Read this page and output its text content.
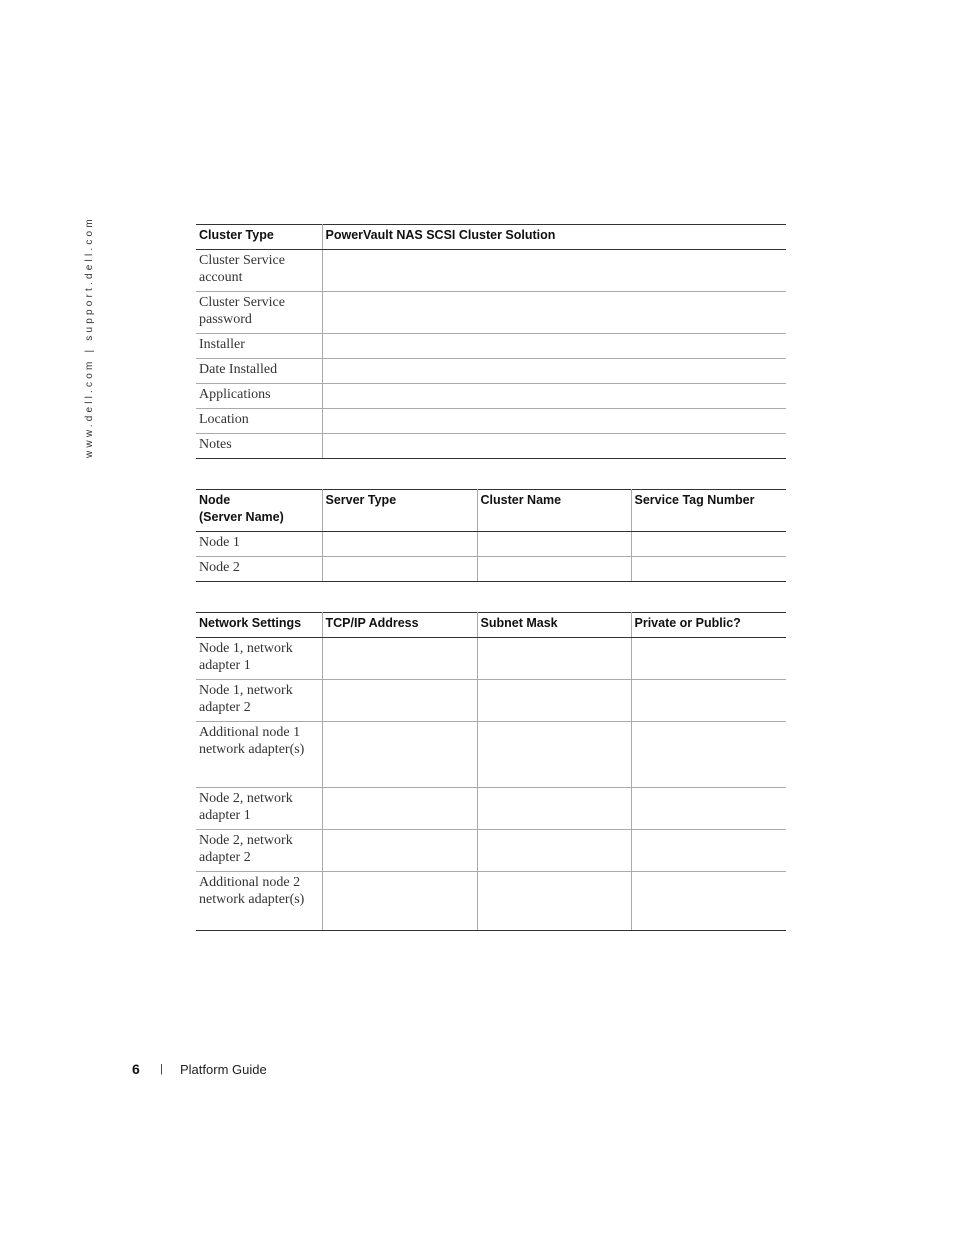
www.dell.com | support.dell.com	Cluster Type	PowerVault NAS SCSI Cluster Solution
Cluster Service account	
Cluster Service password	
Installer	
Date Installed	
Applications	
Location	
Notes	
Node
(Server Name)	Server Type	Cluster Name	Service Tag Number
Node 1			
Node 2			
Network Settings	TCP/IP Address	Subnet Mask	Private or Public?
Node 1, network adapter 1			
Node 1, network adapter 2			
Additional node 1 network adapter(s)			
Node 2, network adapter 1			
Node 2, network adapter 2			
Additional node 2 network adapter(s)			
6 | Platform Guide
